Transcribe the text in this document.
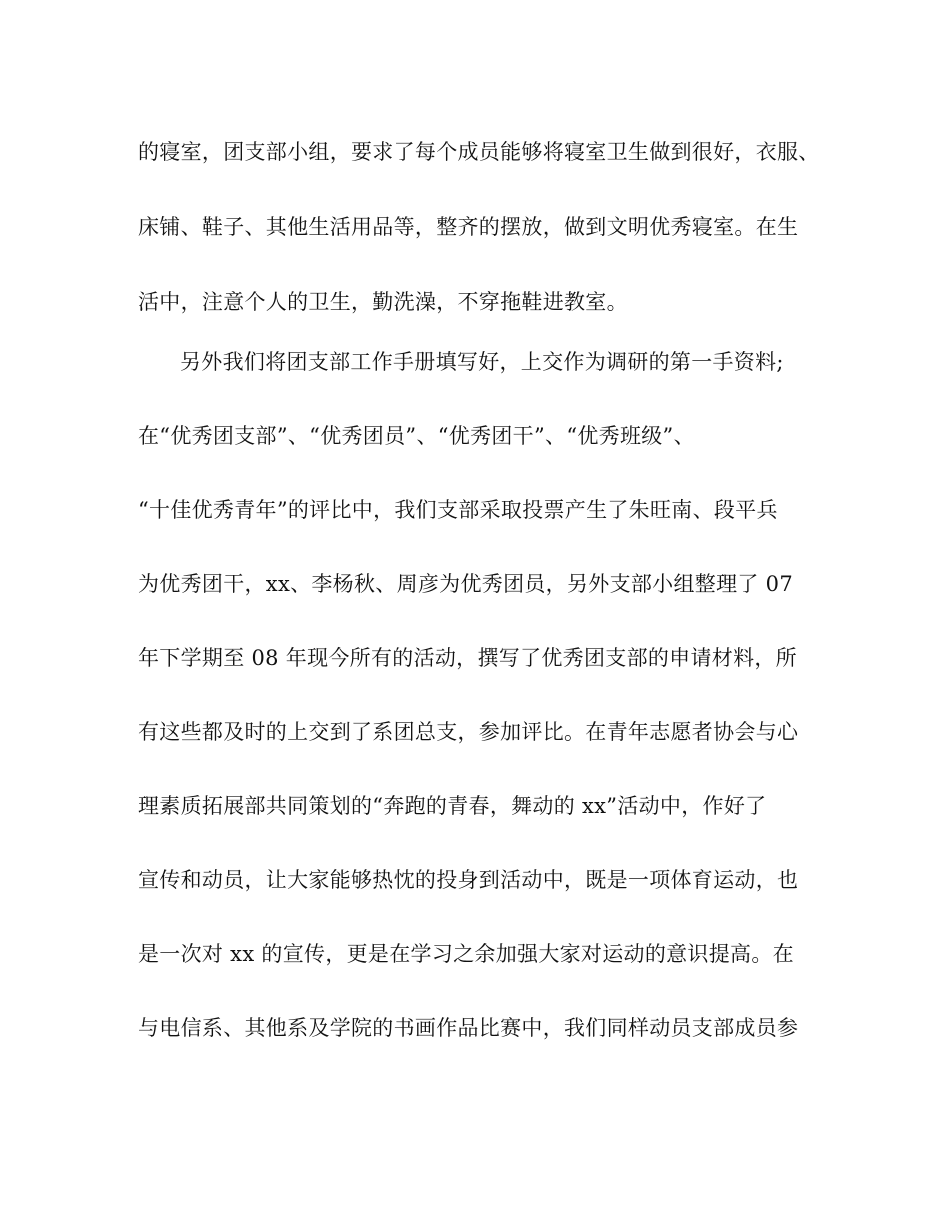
的寝室，团支部小组，要求了每个成员能够将寝室卫生做到很好，衣服、
床铺、鞋子、其他生活用品等，整齐的摆放，做到文明优秀寝室。在生
活中，注意个人的卫生，勤洗澡，不穿拖鞋进教室。
另外我们将团支部工作手册填写好，上交作为调研的第一手资料;
在“优秀团支部”、“优秀团员”、“优秀团干”、“优秀班级”、
“十佳优秀青年”的评比中，我们支部采取投票产生了朱旺南、段平兵
为优秀团干，xx、李杨秋、周彦为优秀团员，另外支部小组整理了 07
年下学期至 08 年现今所有的活动，撰写了优秀团支部的申请材料，所
有这些都及时的上交到了系团总支，参加评比。在青年志愿者协会与心
理素质拓展部共同策划的“奔跑的青春，舞动的 xx”活动中，作好了
宣传和动员，让大家能够热忱的投身到活动中，既是一项体育运动，也
是一次对 xx 的宣传，更是在学习之余加强大家对运动的意识提高。在
与电信系、其他系及学院的书画作品比赛中，我们同样动员支部成员参
